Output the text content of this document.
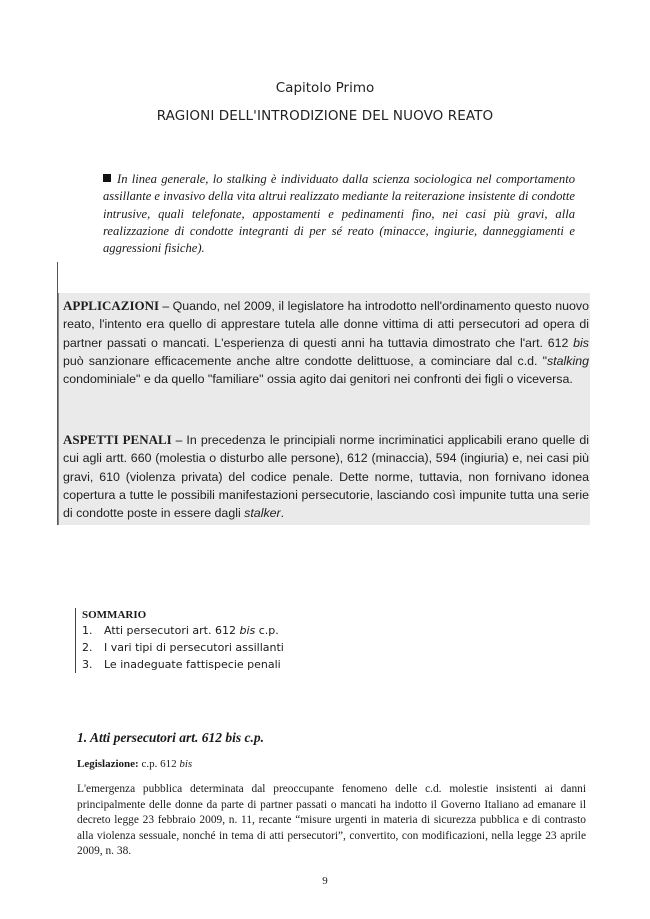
Capitolo Primo
RAGIONI DELL'INTRODIZIONE DEL NUOVO REATO
In linea generale, lo stalking è individuato dalla scienza sociologica nel comportamento assillante e invasivo della vita altrui realizzato mediante la reiterazione insistente di condotte intrusive, quali telefonate, appostamenti e pedinamenti fino, nei casi più gravi, alla realizzazione di condotte integranti di per sé reato (minacce, ingiurie, danneggiamenti e aggressioni fisiche).
APPLICAZIONI – Quando, nel 2009, il legislatore ha introdotto nell'ordinamento questo nuovo reato, l'intento era quello di apprestare tutela alle donne vittima di atti persecutori ad opera di partner passati o mancati. L'esperienza di questi anni ha tuttavia dimostrato che l'art. 612 bis può sanzionare efficacemente anche altre condotte delittuose, a cominciare dal c.d. "stalking condominiale" e da quello "familiare" ossia agito dai genitori nei confronti dei figli o viceversa.
ASPETTI PENALI – In precedenza le principiali norme incriminatici applicabili erano quelle di cui agli artt. 660 (molestia o disturbo alle persone), 612 (minaccia), 594 (ingiuria) e, nei casi più gravi, 610 (violenza privata) del codice penale. Dette norme, tuttavia, non fornivano idonea copertura a tutte le possibili manifestazioni persecutorie, lasciando così impunite tutta una serie di condotte poste in essere dagli stalker.
SOMMARIO
1. Atti persecutori art. 612 bis c.p.
2. I vari tipi di persecutori assillanti
3. Le inadeguate fattispecie penali
1. Atti persecutori art. 612 bis c.p.
Legislazione: c.p. 612 bis
L'emergenza pubblica determinata dal preoccupante fenomeno delle c.d. molestie insistenti ai danni principalmente delle donne da parte di partner passati o mancati ha indotto il Governo Italiano ad emanare il decreto legge 23 febbraio 2009, n. 11, recante “misure urgenti in materia di sicurezza pubblica e di contrasto alla violenza sessuale, nonché in tema di atti persecutori”, convertito, con modificazioni, nella legge 23 aprile 2009, n. 38.
9
